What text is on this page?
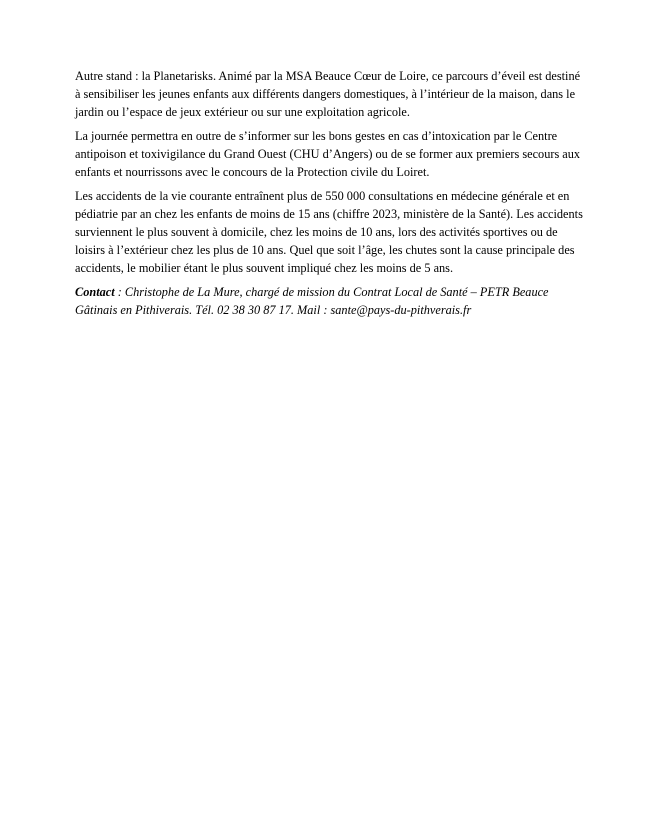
Autre stand : la Planetarisks. Animé par la MSA Beauce Cœur de Loire, ce parcours d’éveil est destiné à sensibiliser les jeunes enfants aux différents dangers domestiques, à l’intérieur de la maison, dans le jardin ou l’espace de jeux extérieur ou sur une exploitation agricole.

La journée permettra en outre de s’informer sur les bons gestes en cas d’intoxication par le Centre antipoison et toxivigilance du Grand Ouest (CHU d’Angers) ou de se former aux premiers secours aux enfants et nourrissons avec le concours de la Protection civile du Loiret.

Les accidents de la vie courante entraînent plus de 550 000 consultations en médecine générale et en pédiatrie par an chez les enfants de moins de 15 ans (chiffre 2023, ministère de la Santé). Les accidents surviennent le plus souvent à domicile, chez les moins de 10 ans, lors des activités sportives ou de loisirs à l’extérieur chez les plus de 10 ans. Quel que soit l’âge, les chutes sont la cause principale des accidents, le mobilier étant le plus souvent impliqué chez les moins de 5 ans.

Contact : Christophe de La Mure, chargé de mission du Contrat Local de Santé – PETR Beauce Gâtinais en Pithiverais. Tél. 02 38 30 87 17. Mail : sante@pays-du-pithverais.fr
